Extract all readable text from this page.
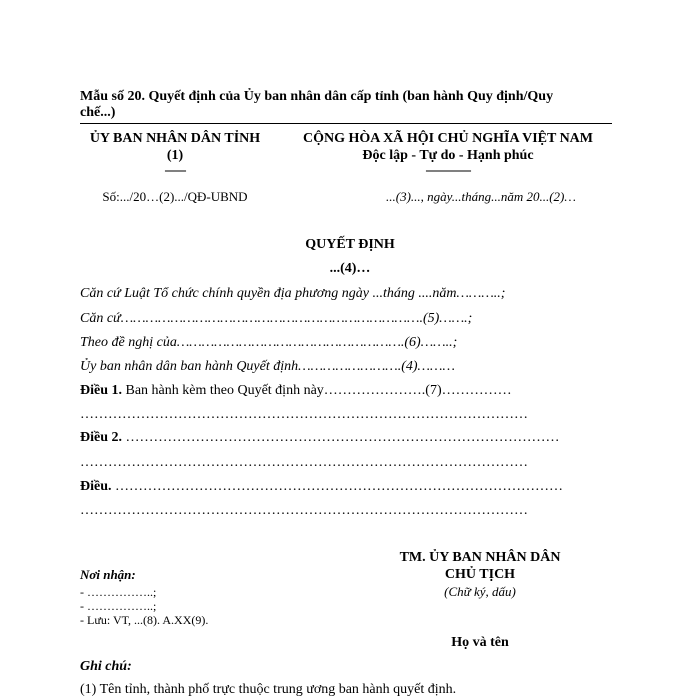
Mẫu số 20. Quyết định của Ủy ban nhân dân cấp tỉnh (ban hành Quy định/Quy
chế...)
ỦY BAN NHÂN DÂN TỈNH
(1)
-------
Số:.../20…(2).../QĐ-UBND
CỘNG HÒA XÃ HỘI CHỦ NGHĨA VIỆT NAM
Độc lập - Tự do - Hạnh phúc
---------------
...(3)..., ngày...tháng...năm 20...(2)…
QUYẾT ĐỊNH
...(4)…
Căn cứ Luật Tổ chức chính quyền địa phương ngày ...tháng ....năm………..;
Căn cứ……………………………………………………………….(5)…….;
Theo đề nghị của……………………………………………….(6)……..;
Ủy ban nhân dân ban hành Quyết định…………………….(4)………
Điều 1. Ban hành kèm theo Quyết định này………………….(7)……………
……………………………………………………………………………………
Điều 2. …………………………………………………………………………………
……………………………………………………………………………………
Điều. ……………………………………………………………………………………
……………………………………………………………………………………
TM. ỦY BAN NHÂN DÂN
CHỦ TỊCH
(Chữ ký, dấu)
Họ và tên
Nơi nhận:
- ……………..;
- ……………..;
- Lưu: VT, ...(8). A.XX(9).
Ghi chú:
(1) Tên tỉnh, thành phố trực thuộc trung ương ban hành quyết định.
